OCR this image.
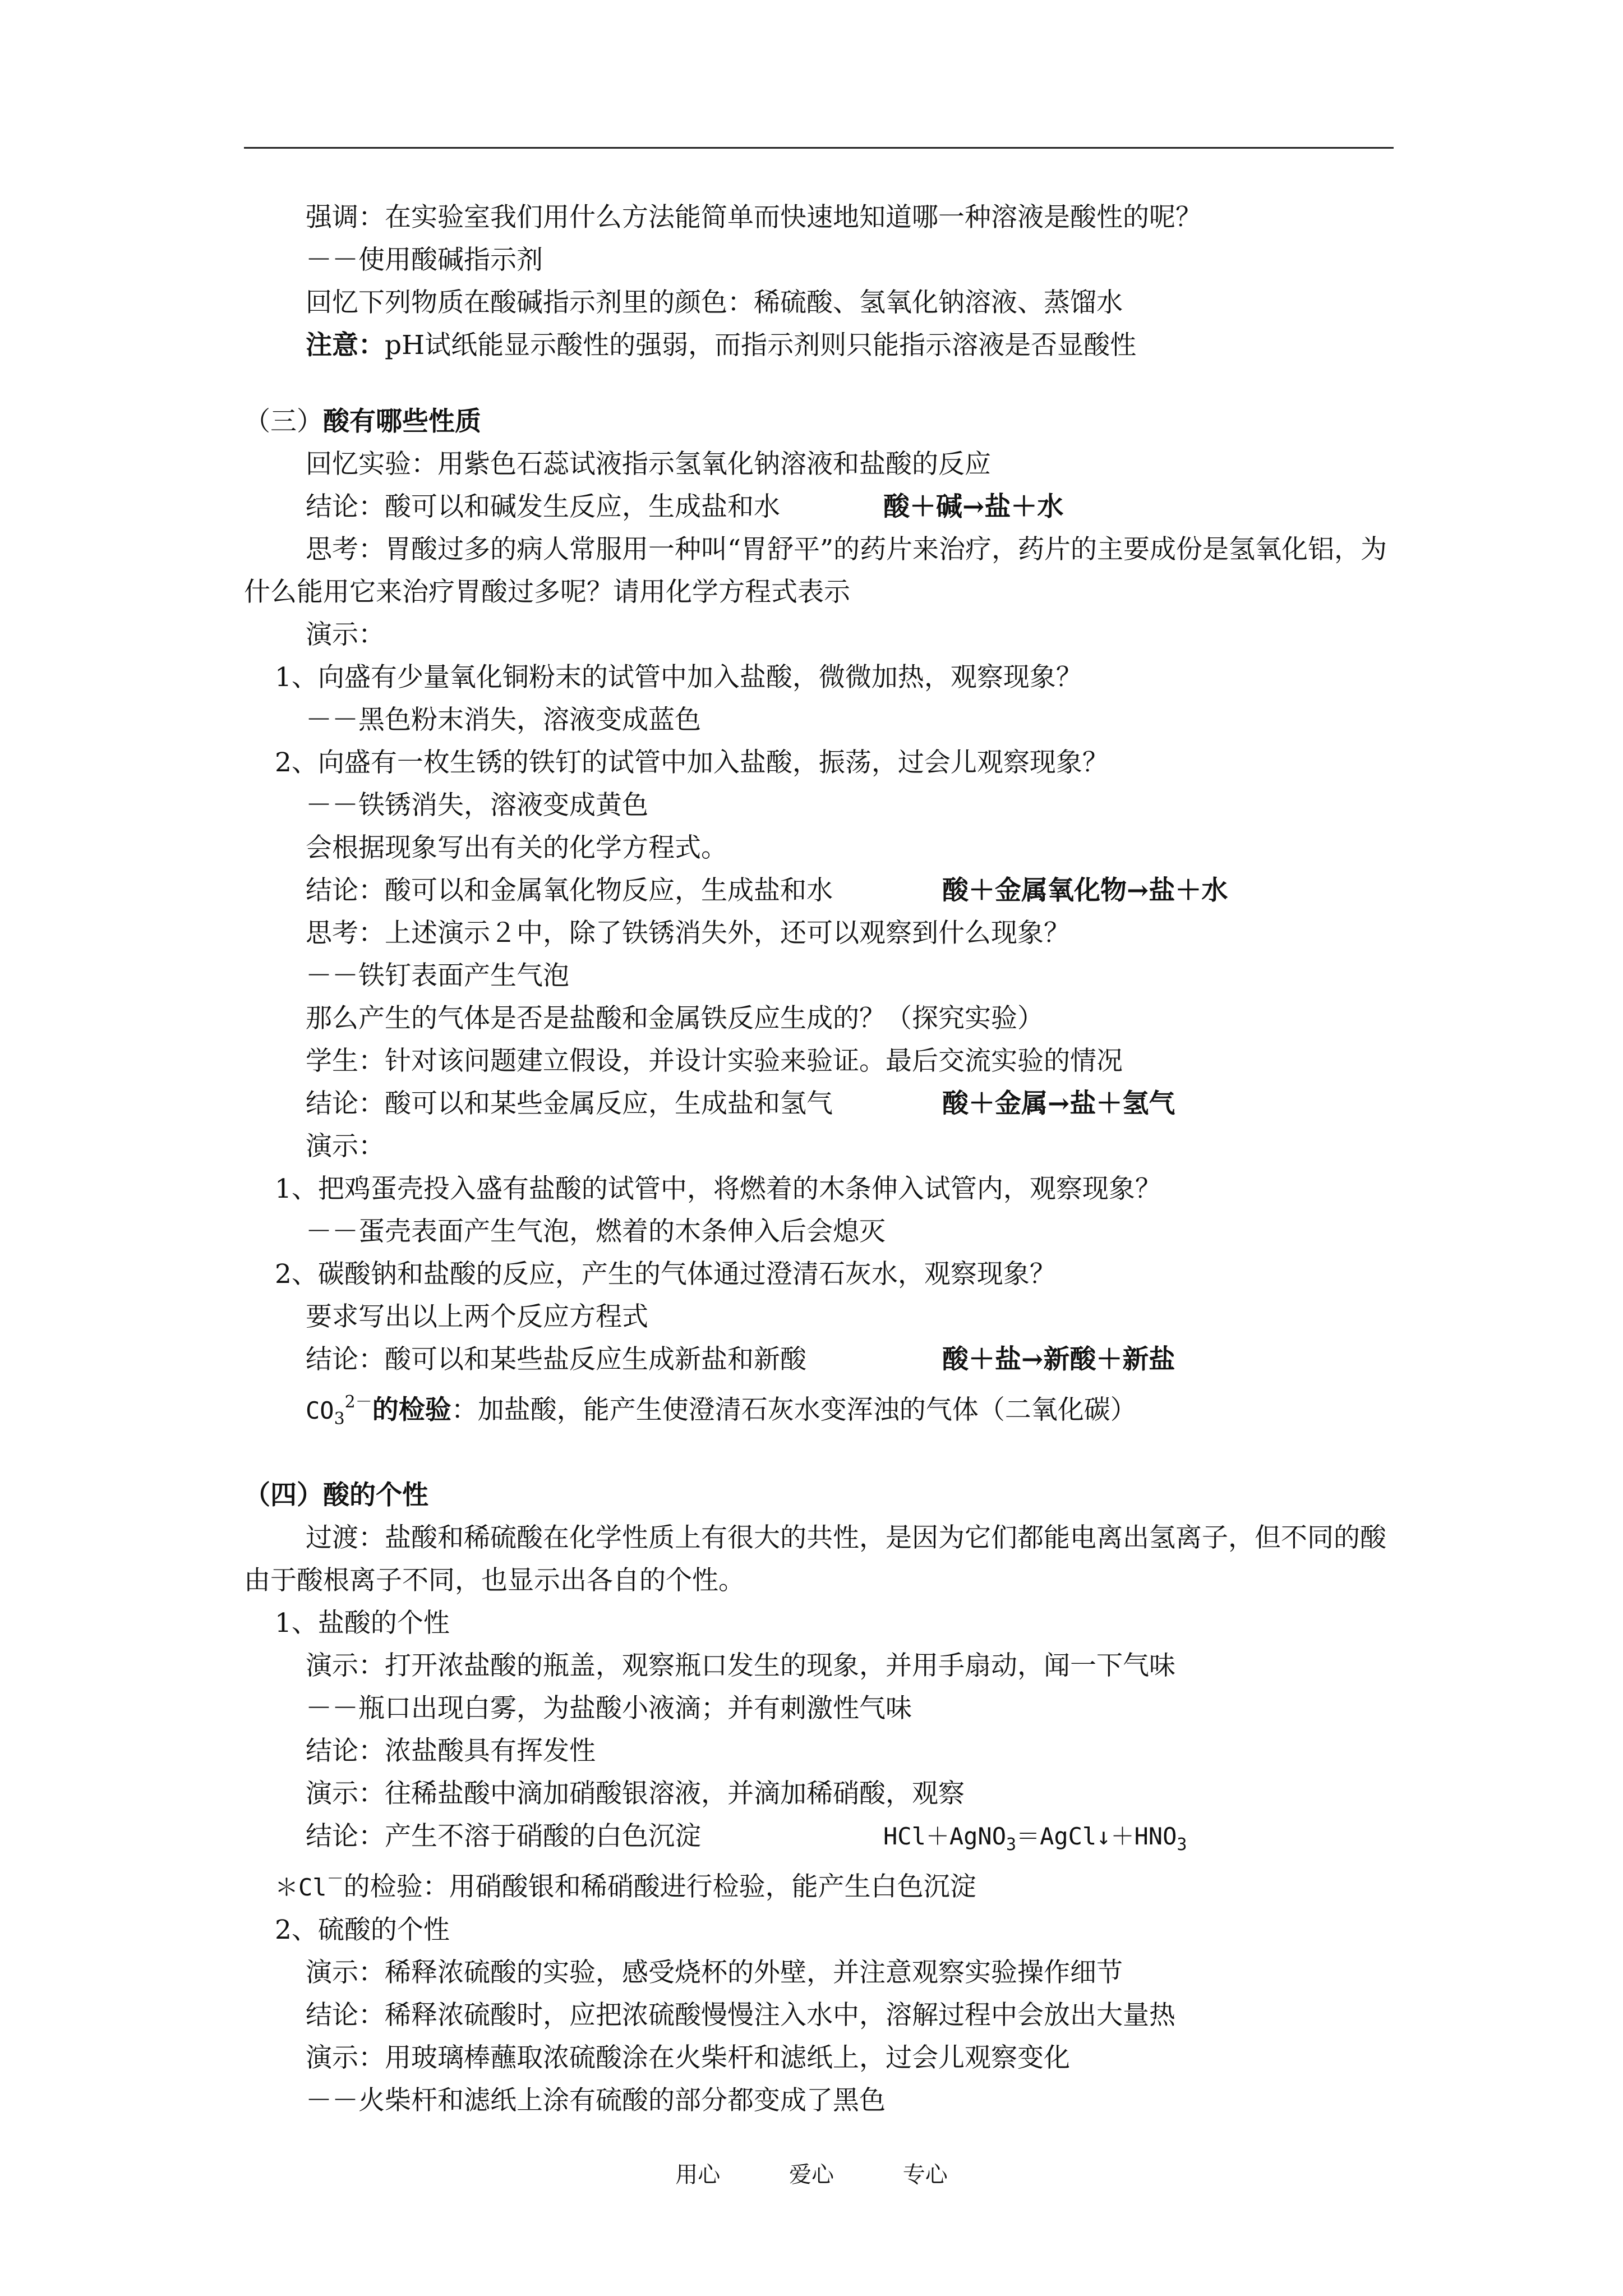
强调：在实验室我们用什么方法能简单而快速地知道哪一种溶液是酸性的呢？
－－使用酸碱指示剂
回忆下列物质在酸碱指示剂里的颜色：稀硫酸、氢氧化钠溶液、蒸馏水
注意：pH试纸能显示酸性的强弱，而指示剂则只能指示溶液是否显酸性
（三）酸有哪些性质
回忆实验：用紫色石蕊试液指示氢氧化钠溶液和盐酸的反应
结论：酸可以和碱发生反应，生成盐和水	酸＋碱→盐＋水
思考：胃酸过多的病人常服用一种叫“胃舒平”的药片来治疗，药片的主要成份是氢氧化铝，为什么能用它来治疗胃酸过多呢？请用化学方程式表示
演示：
1、向盛有少量氧化铜粉末的试管中加入盐酸，微微加热，观察现象？
－－黑色粉末消失，溶液变成蓝色
2、向盛有一枚生锈的铁钉的试管中加入盐酸，振荡，过会儿观察现象？
－－铁锈消失，溶液变成黄色
会根据现象写出有关的化学方程式。
结论：酸可以和金属氧化物反应，生成盐和水	酸＋金属氧化物→盐＋水
思考：上述演示２中，除了铁锈消失外，还可以观察到什么现象？
－－铁钉表面产生气泡
那么产生的气体是否是盐酸和金属铁反应生成的？（探究实验）
学生：针对该问题建立假设，并设计实验来验证。最后交流实验的情况
结论：酸可以和某些金属反应，生成盐和氢气	酸＋金属→盐＋氢气
演示：
1、把鸡蛋壳投入盛有盐酸的试管中，将燃着的木条伸入试管内，观察现象？
－－蛋壳表面产生气泡，燃着的木条伸入后会熄灭
2、碳酸钠和盐酸的反应，产生的气体通过澄清石灰水，观察现象？
要求写出以上两个反应方程式
结论：酸可以和某些盐反应生成新盐和新酸	酸＋盐→新酸＋新盐
$CO_3^{2-}$的检验：加盐酸，能产生使澄清石灰水变浑浊的气体（二氧化碳）
（四）酸的个性
过渡：盐酸和稀硫酸在化学性质上有很大的共性，是因为它们都能电离出氢离子，但不同的酸由于酸根离子不同，也显示出各自的个性。
1、盐酸的个性
演示：打开浓盐酸的瓶盖，观察瓶口发生的现象，并用手扇动，闻一下气味
－－瓶口出现白雾，为盐酸小液滴；并有刺激性气味
结论：浓盐酸具有挥发性
演示：往稀盐酸中滴加硝酸银溶液，并滴加稀硝酸，观察
结论：产生不溶于硝酸的白色沉淀	$HCl+AgNO_3=AgCl↓+HNO_3$
＊Cl－的检验：用硝酸银和稀硝酸进行检验，能产生白色沉淀
2、硫酸的个性
演示：稀释浓硫酸的实验，感受烧杯的外壁，并注意观察实验操作细节
结论：稀释浓硫酸时，应把浓硫酸慢慢注入水中，溶解过程中会放出大量热
演示：用玻璃棒蘸取浓硫酸涂在火柴杆和滤纸上，过会儿观察变化
－－火柴杆和滤纸上涂有硫酸的部分都变成了黑色
用心	爱心	专心
